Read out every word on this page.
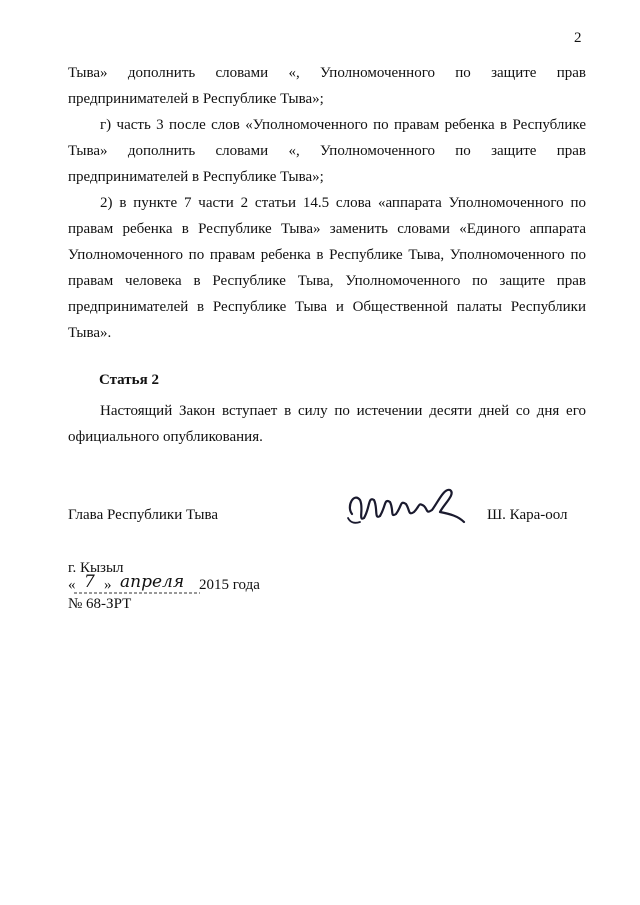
2

Тыва» дополнить словами «, Уполномоченного по защите прав предпринимателей в Республике Тыва»;

г) часть 3 после слов «Уполномоченного по правам ребенка в Республике Тыва» дополнить словами «, Уполномоченного по защите прав предпринимателей в Республике Тыва»;

2) в пункте 7 части 2 статьи 14.5 слова «аппарата Уполномоченного по правам ребенка в Республике Тыва» заменить словами «Единого аппарата Уполномоченного по правам ребенка в Республике Тыва, Уполномоченного по правам человека в Республике Тыва, Уполномоченного по защите прав предпринимателей в Республике Тыва и Общественной палаты Республики Тыва».

Статья 2

Настоящий Закон вступает в силу по истечении десяти дней со дня его официального опубликования.

Глава Республики Тыва	Ш. Кара-оол
г. Кызыл
« 7 » апреля 2015 года
№ 68-ЗРТ
